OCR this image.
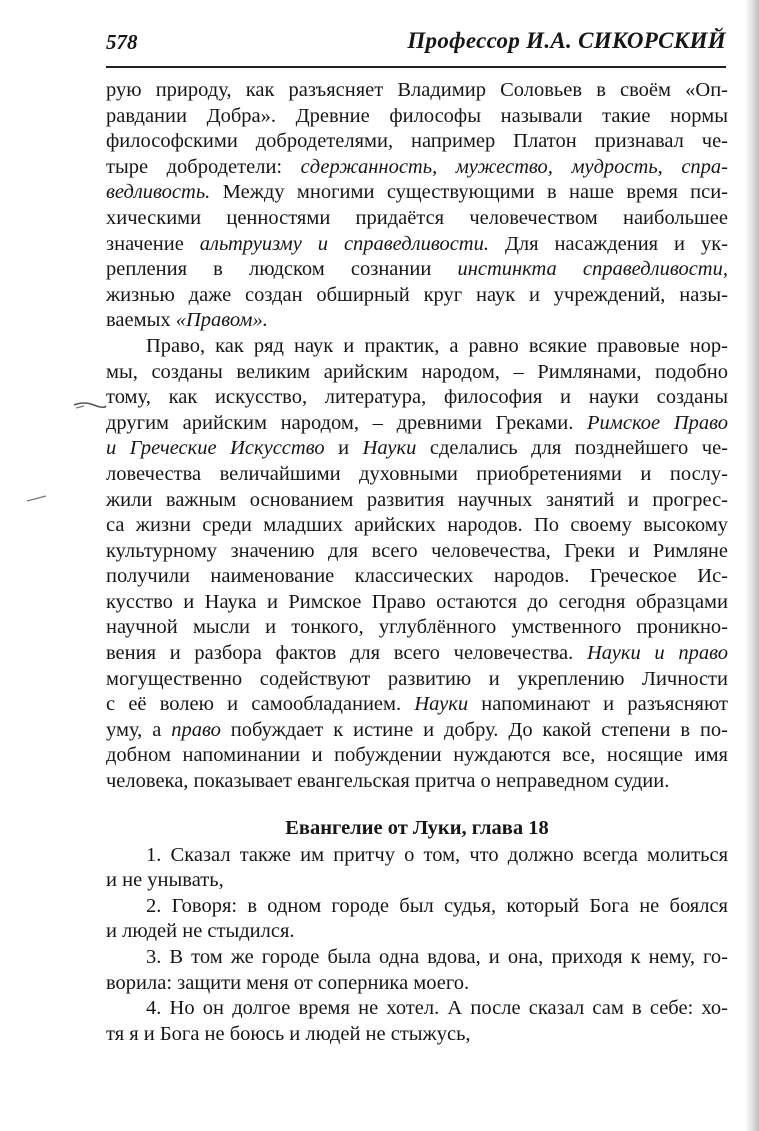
578	Профессор И.А. СИКОРСКИЙ
рую природу, как разъясняет Владимир Соловьев в своём «Оп-
равдании Добра». Древние философы называли такие нормы
философскими добродетелями, например Платон признавал че-
тыре добродетели: сдержанность, мужество, мудрость, спра-
ведливость. Между многими существующими в наше время пси-
хическими ценностями придаётся человечеством наибольшее
значение альтруизму и справедливости. Для насаждения и ук-
репления в людском сознании инстинкта справедливости,
жизнью даже создан обширный круг наук и учреждений, назы-
ваемых «Правом».
Право, как ряд наук и практик, а равно всякие правовые нор-
мы, созданы великим арийским народом, – Римлянами, подобно
тому, как искусство, литература, философия и науки созданы
другим арийским народом, – древними Греками. Римское Право
и Греческие Искусство и Науки сделались для позднейшего че-
ловечества величайшими духовными приобретениями и послу-
жили важным основанием развития научных занятий и прогрес-
са жизни среди младших арийских народов. По своему высокому
культурному значению для всего человечества, Греки и Римляне
получили наименование классических народов. Греческое Ис-
кусство и Наука и Римское Право остаются до сегодня образцами
научной мысли и тонкого, углублённого умственного проникно-
вения и разбора фактов для всего человечества. Науки и право
могущественно содействуют развитию и укреплению Личности
с её волею и самообладанием. Науки напоминают и разъясняют
уму, а право побуждает к истине и добру. До какой степени в по-
добном напоминании и побуждении нуждаются все, носящие имя
человека, показывает евангельская притча о неправедном судии.
Евангелие от Луки, глава 18
1. Сказал также им притчу о том, что должно всегда молиться
и не унывать,
2. Говоря: в одном городе был судья, который Бога не боялся
и людей не стыдился.
3. В том же городе была одна вдова, и она, приходя к нему, го-
ворила: защити меня от соперника моего.
4. Но он долгое время не хотел. А после сказал сам в себе: хо-
тя я и Бога не боюсь и людей не стыжусь,
